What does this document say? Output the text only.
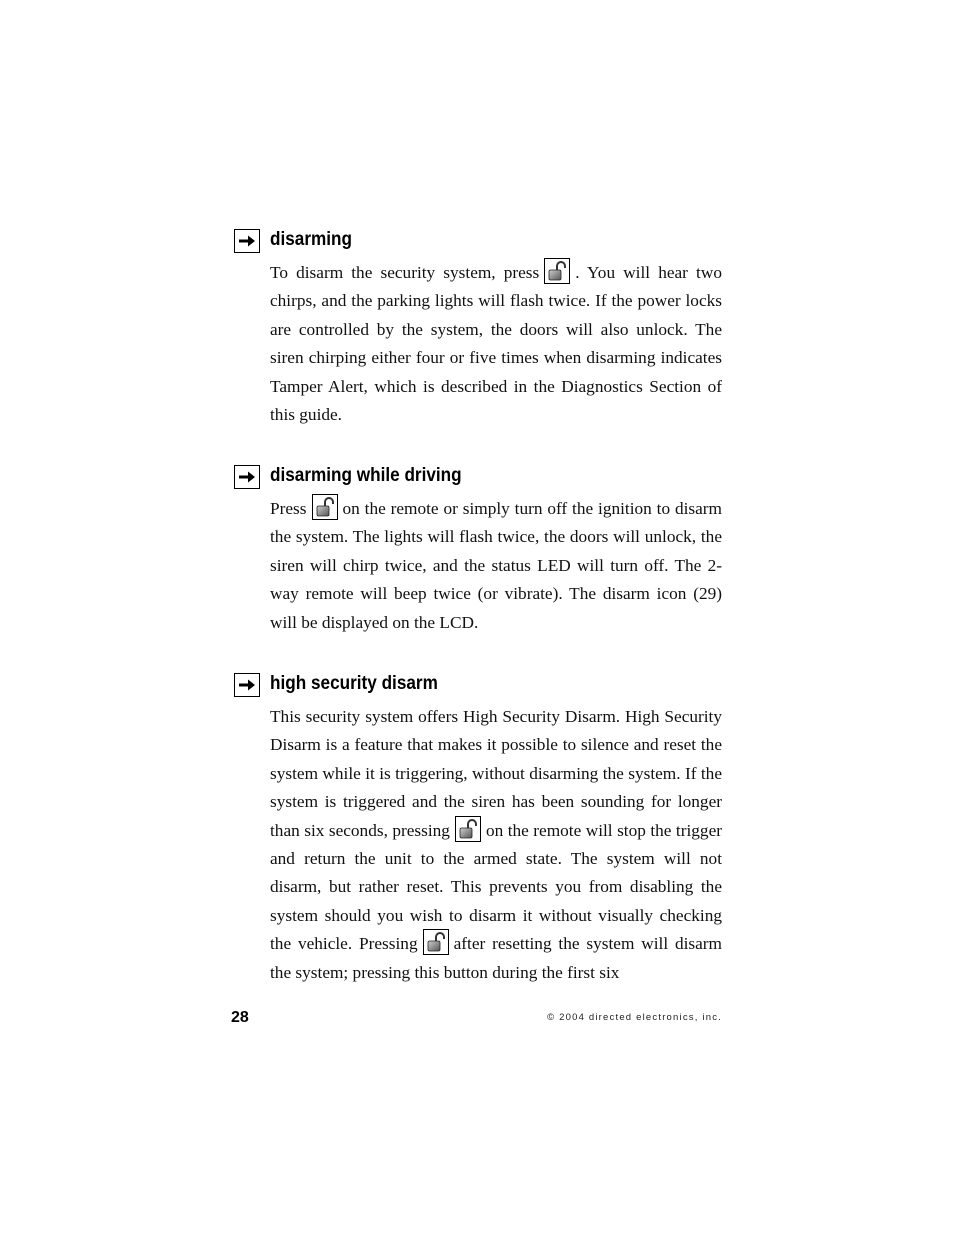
disarming
To disarm the security system, press . You will hear two chirps, and the parking lights will flash twice. If the power locks are controlled by the system, the doors will also unlock. The siren chirping either four or five times when disarming indicates Tamper Alert, which is described in the Diagnostics Section of this guide.
disarming while driving
Press on the remote or simply turn off the ignition to disarm the system. The lights will flash twice, the doors will unlock, the siren will chirp twice, and the status LED will turn off. The 2-way remote will beep twice (or vibrate). The disarm icon (29) will be displayed on the LCD.
high security disarm
This security system offers High Security Disarm. High Security Disarm is a feature that makes it possible to silence and reset the system while it is triggering, without disarming the system. If the system is triggered and the siren has been sounding for longer than six seconds, pressing on the remote will stop the trigger and return the unit to the armed state. The system will not disarm, but rather reset. This prevents you from disabling the system should you wish to disarm it without visually checking the vehicle. Pressing after resetting the system will disarm the system; pressing this button during the first six
28	© 2004 directed electronics, inc.
